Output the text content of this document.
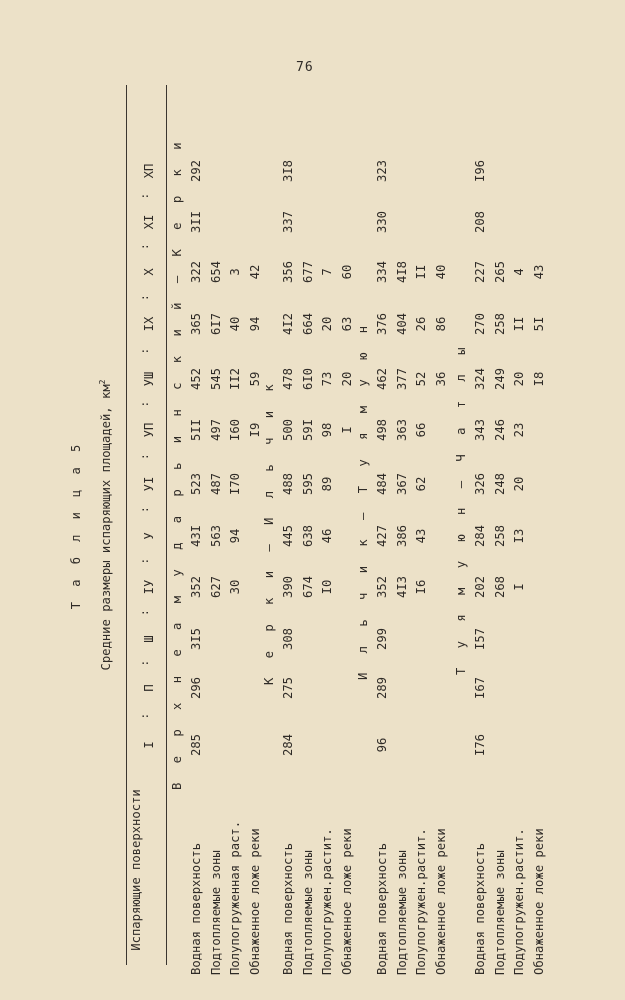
76
Т а б л и ц а 5 Средние размеры испаряющих площадей, $км^2$
Испаряющие поверхности
I
:
П
:
Ш
:
IУ
:
У
:
УI
:
УП
:
УШ
:
IX
:
X
:
XI
:
XП	В е р х н е а м у д а р ь и н с к и й – К е р к и
Водная поверхность
285
296
3I5
352
43I
523
5II
452
365
322
3II
292
Подтопляемые зоны
627
563
487
497
545
6I7
654
Полупогруженная раст.
30
94
I70
I60
II2
40
3
Обнаженное ложе реки
I9
59
94
42
К е р к и – И л ь ч и к
Водная поверхность
284
275
308
390
445
488
500
478
4I2
356
337
3I8
Подтопляемые зоны
674
638
595
59I
6I0
664
677
Полупогружен.растит.
I0
46
89
98
73
20
7
Обнаженное ложе реки
I
20
63
60
И л ь ч и к – Т у я м у ю н
Водная поверхность
96
289
299
352
427
484
498
462
376
334
330
323
Подтопляемые зоны
4I3
386
367
363
377
404
4I8
Полупогружен.растит.
I6
43
62
66
52
26
II
Обнаженное ложе реки
36
86
40
Т у я м у ю н – Ч а т л ы
Водная поверхность
I76
I67
I57
202
284
326
343
324
270
227
208
I96
Подтопляемые зоны
268
258
248
246
249
258
265
Подупогружен.растит.
I
I3
20
23
20
II
4
Обнаженное ложе реки
I8
5I
43
